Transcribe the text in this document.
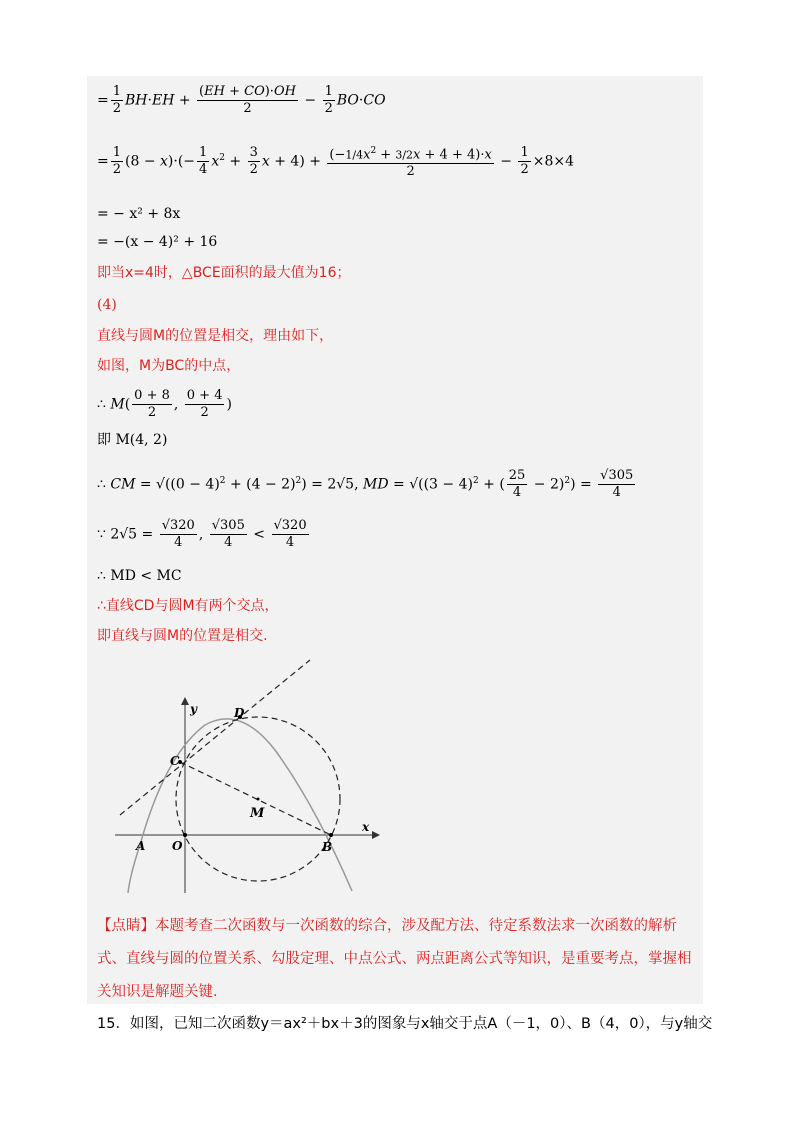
= $\frac{1}{2} BH\cdot EH + \frac{(EH + CO)\cdot OH}{2} - \frac{1}{2} BO\cdot CO$
= $\frac{1}{2} (8 - x)\cdot(- \frac{1}{4} x^2 + \frac{3}{2}$ $x + 4) + \frac{(-1/4x^2 + 3/2x + 4 + 4)\cdot x}{2} - \frac{1}{2} \times 8\times 4$
= − x² + 8x
= −(x − 4)² + 16
即当x=4时，△BCE面积的最大值为16；
(4)
直线与圆M的位置是相交，理由如下，
如图，M为BC的中点，
∴ $M( \frac{0 + 8}{2}$ , $\frac{0 + 4}{2}$ )
即 M(4, 2)
∴ CM = $√((0 - 4)^2 + (4 - 2)^2) = 2√5$, MD = $√((3 - 4)^2$ + ( $\frac{25}{4} - 2)^2) = \frac{√305}{4}$
∵ $2√5 = \frac{√320}{4}$ , $\frac{√305}{4} < \frac{√320}{4}$
∴ MD < MC
∴直线CD与圆M有两个交点，
即直线与圆M的位置是相交.
y
x
A O	B
C
D
M
【点睛】本题考查二次函数与一次函数的综合，涉及配方法、待定系数法求一次函数的解析式、直线与圆的位置关系、勾股定理、中点公式、两点距离公式等知识，是重要考点，掌握相关知识是解题关键.
15．如图，已知二次函数y＝ax²＋bx＋3的图象与x轴交于点A（－1，0）、B（4，0），与y轴交
